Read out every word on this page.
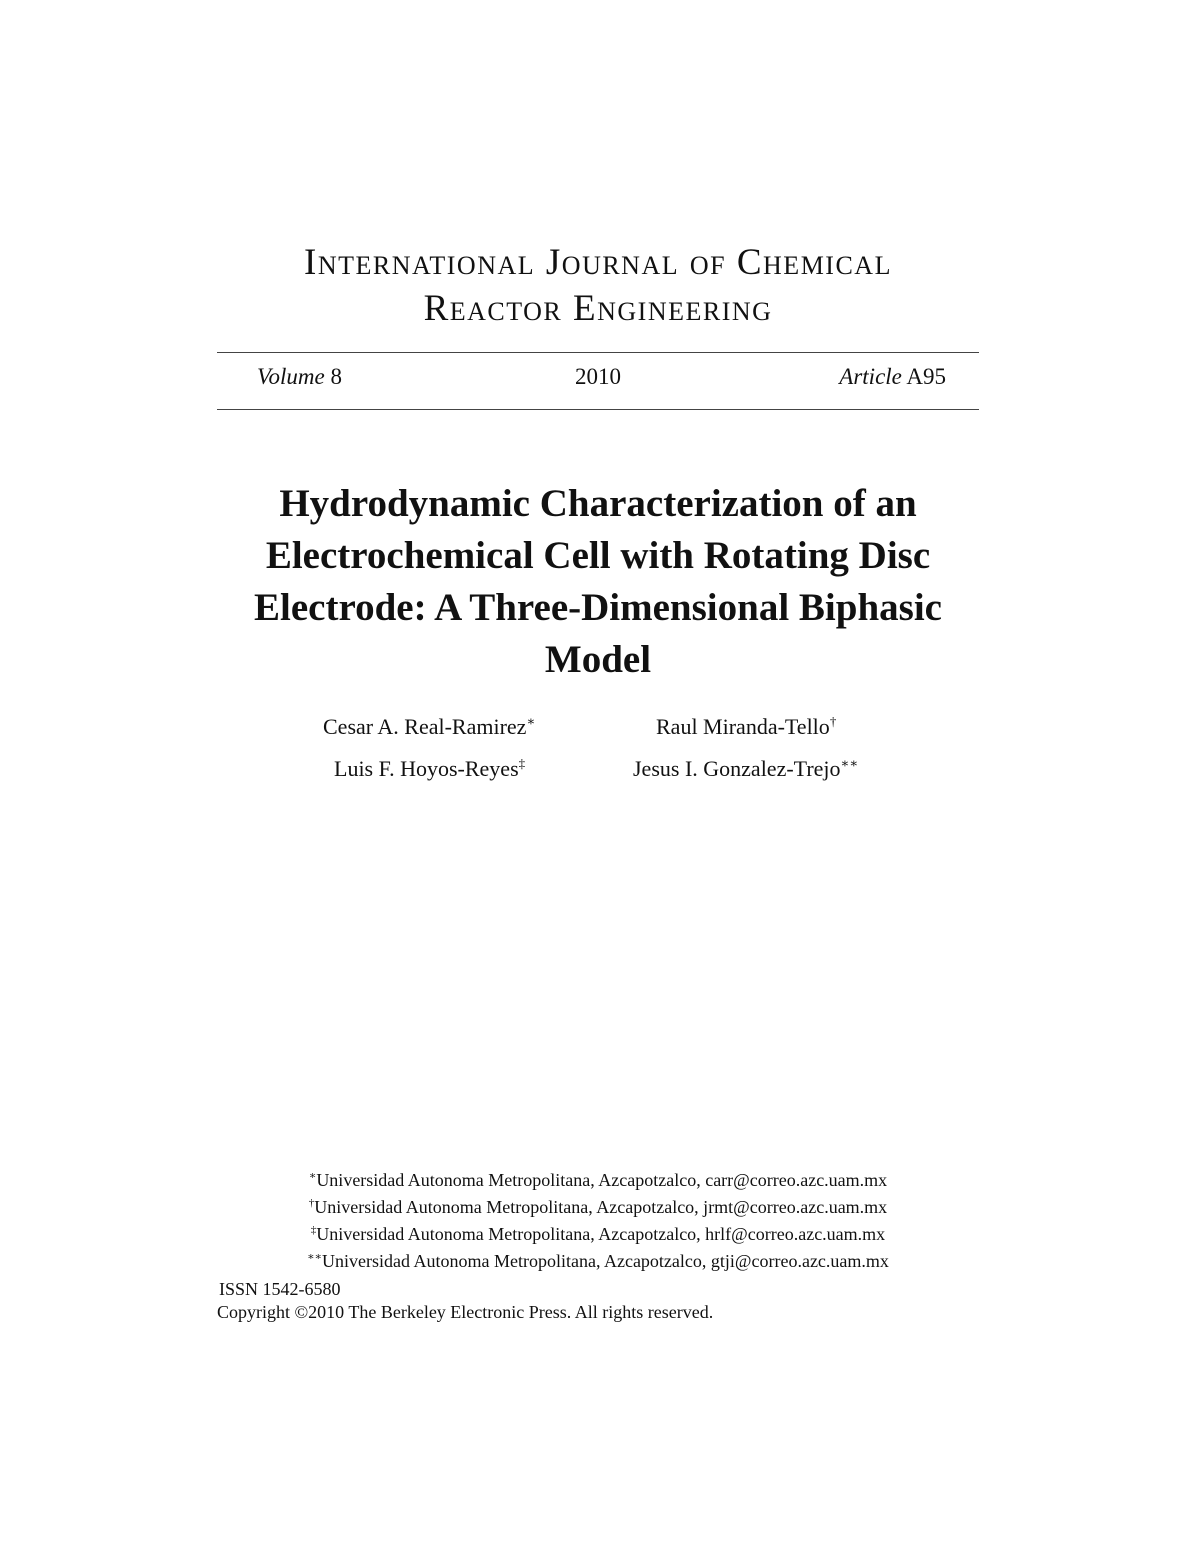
International Journal of Chemical
Reactor Engineering
Volume 8	2010	Article A95
Hydrodynamic Characterization of an
Electrochemical Cell with Rotating Disc
Electrode: A Three-Dimensional Biphasic
Model
Cesar A. Real-Ramirez∗	Raul Miranda-Tello†
Luis F. Hoyos-Reyes‡	Jesus I. Gonzalez-Trejo∗∗
∗Universidad Autonoma Metropolitana, Azcapotzalco, carr@correo.azc.uam.mx
†Universidad Autonoma Metropolitana, Azcapotzalco, jrmt@correo.azc.uam.mx
‡Universidad Autonoma Metropolitana, Azcapotzalco, hrlf@correo.azc.uam.mx
∗∗Universidad Autonoma Metropolitana, Azcapotzalco, gtji@correo.azc.uam.mx
ISSN 1542-6580
Copyright ©2010 The Berkeley Electronic Press. All rights reserved.
